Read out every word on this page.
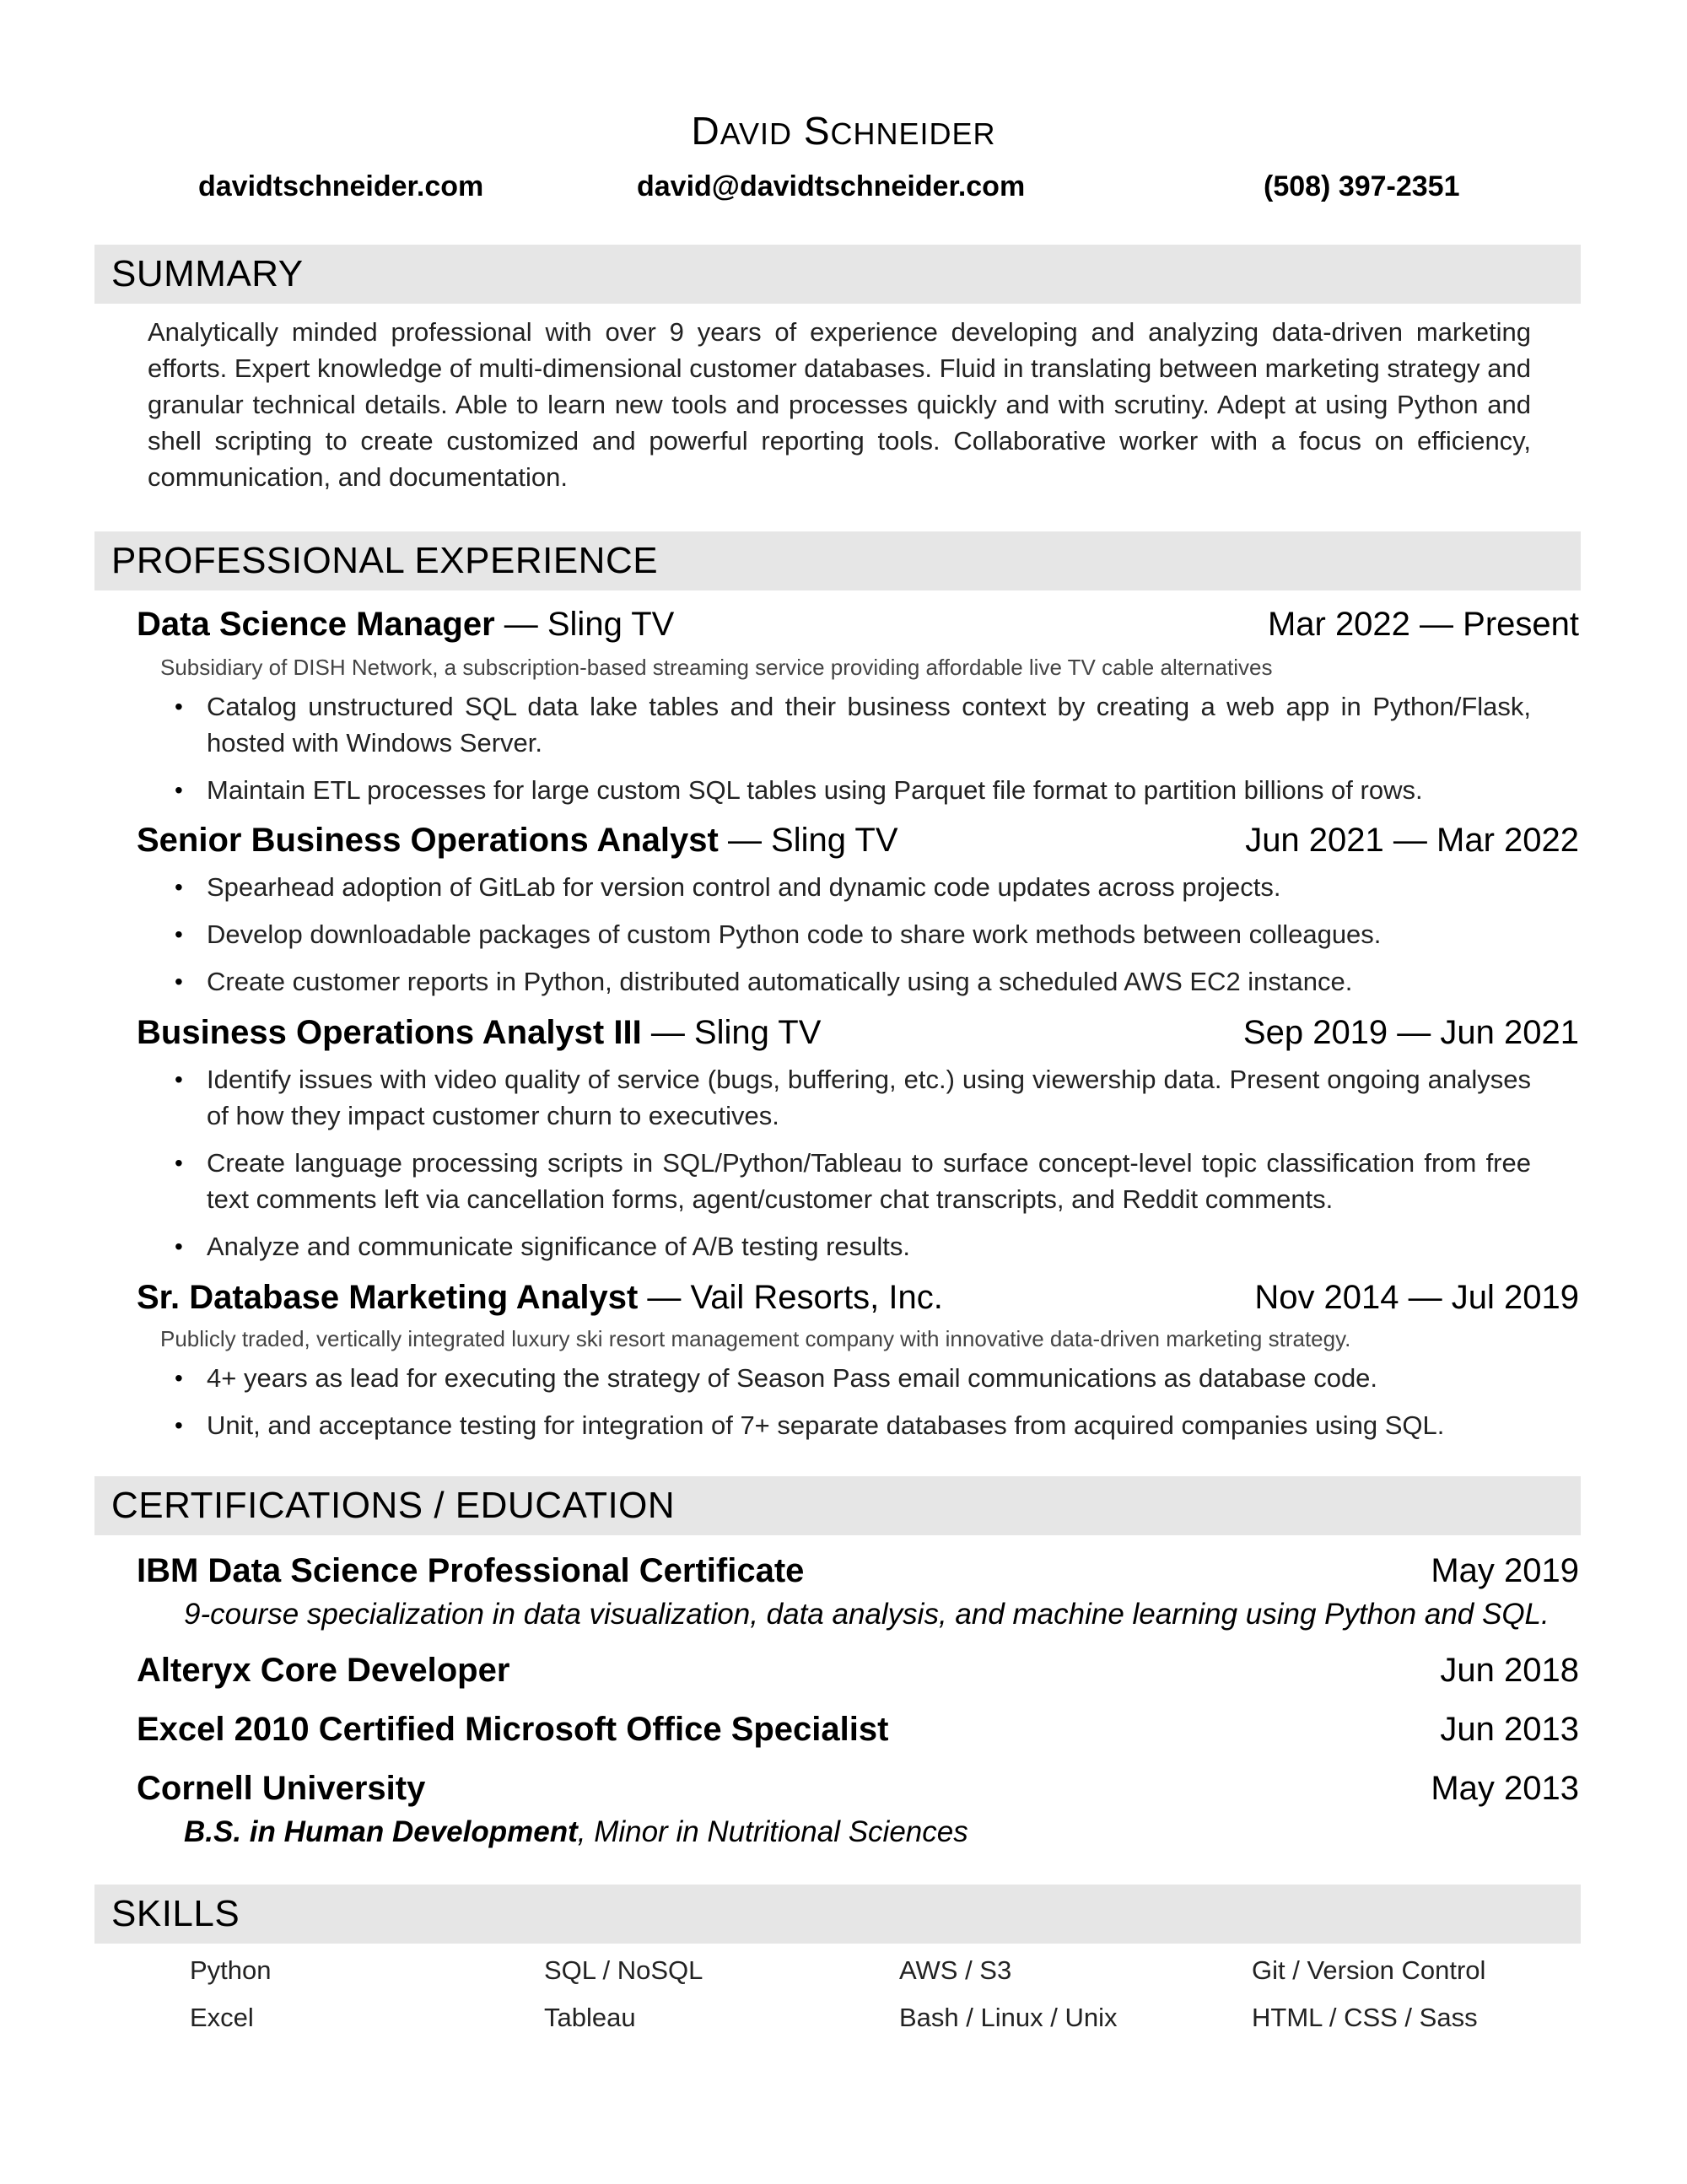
DAVID SCHNEIDER
davidtschneider.com	david@davidtschneider.com	(508) 397-2351
SUMMARY
Analytically minded professional with over 9 years of experience developing and analyzing data-driven marketing efforts. Expert knowledge of multi-dimensional customer databases. Fluid in translating between marketing strategy and granular technical details. Able to learn new tools and processes quickly and with scrutiny. Adept at using Python and shell scripting to create customized and powerful reporting tools. Collaborative worker with a focus on efficiency, communication, and documentation.
PROFESSIONAL EXPERIENCE
Data Science Manager — Sling TV	Mar 2022 — Present
Subsidiary of DISH Network, a subscription-based streaming service providing affordable live TV cable alternatives
• Catalog unstructured SQL data lake tables and their business context by creating a web app in Python/Flask, hosted with Windows Server.
• Maintain ETL processes for large custom SQL tables using Parquet file format to partition billions of rows.
Senior Business Operations Analyst — Sling TV	Jun 2021 — Mar 2022
• Spearhead adoption of GitLab for version control and dynamic code updates across projects.
• Develop downloadable packages of custom Python code to share work methods between colleagues.
• Create customer reports in Python, distributed automatically using a scheduled AWS EC2 instance.
Business Operations Analyst III — Sling TV	Sep 2019 — Jun 2021
• Identify issues with video quality of service (bugs, buffering, etc.) using viewership data. Present ongoing analyses of how they impact customer churn to executives.
• Create language processing scripts in SQL/Python/Tableau to surface concept-level topic classification from free text comments left via cancellation forms, agent/customer chat transcripts, and Reddit comments.
• Analyze and communicate significance of A/B testing results.
Sr. Database Marketing Analyst — Vail Resorts, Inc.	Nov 2014 — Jul 2019
Publicly traded, vertically integrated luxury ski resort management company with innovative data-driven marketing strategy.
• 4+ years as lead for executing the strategy of Season Pass email communications as database code.
• Unit, and acceptance testing for integration of 7+ separate databases from acquired companies using SQL.
CERTIFICATIONS / EDUCATION
IBM Data Science Professional Certificate	May 2019
9-course specialization in data visualization, data analysis, and machine learning using Python and SQL.
Alteryx Core Developer	Jun 2018
Excel 2010 Certified Microsoft Office Specialist	Jun 2013
Cornell University	May 2013
B.S. in Human Development, Minor in Nutritional Sciences
SKILLS
Python	SQL / NoSQL	AWS / S3	Git / Version Control
Excel	Tableau	Bash / Linux / Unix	HTML / CSS / Sass
